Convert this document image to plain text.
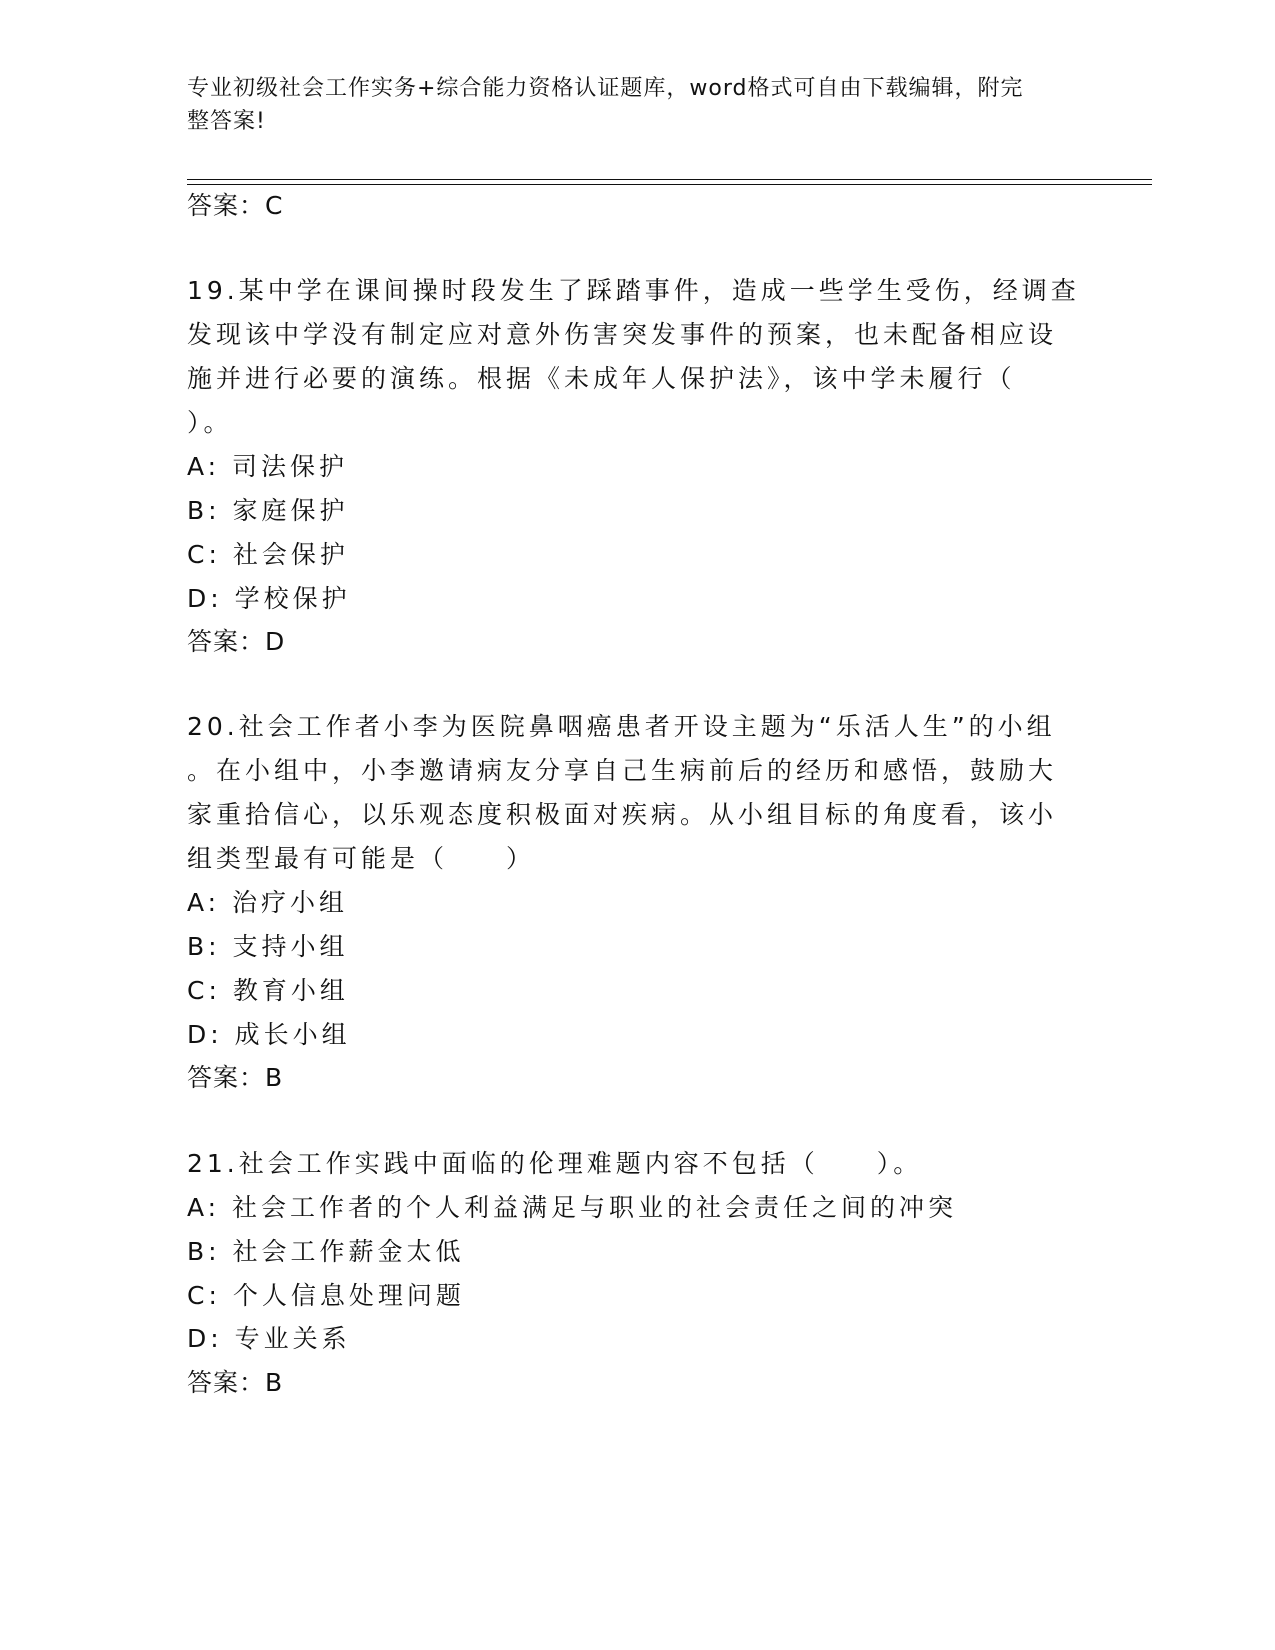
专业初级社会工作实务+综合能力资格认证题库，word格式可自由下载编辑，附完
整答案!
答案：C
19.某中学在课间操时段发生了踩踏事件，造成一些学生受伤，经调查
发现该中学没有制定应对意外伤害突发事件的预案，也未配备相应设
施并进行必要的演练。根据《未成年人保护法》，该中学未履行（
）。
A: 司法保护
B: 家庭保护
C: 社会保护
D: 学校保护
答案：D
20.社会工作者小李为医院鼻咽癌患者开设主题为“乐活人生”的小组
。在小组中，小李邀请病友分享自己生病前后的经历和感悟，鼓励大
家重拾信心，以乐观态度积极面对疾病。从小组目标的角度看，该小
组类型最有可能是（　　）
A: 治疗小组
B: 支持小组
C: 教育小组
D: 成长小组
答案：B
21.社会工作实践中面临的伦理难题内容不包括（　　）。
A: 社会工作者的个人利益满足与职业的社会责任之间的冲突
B: 社会工作薪金太低
C: 个人信息处理问题
D: 专业关系
答案：B
